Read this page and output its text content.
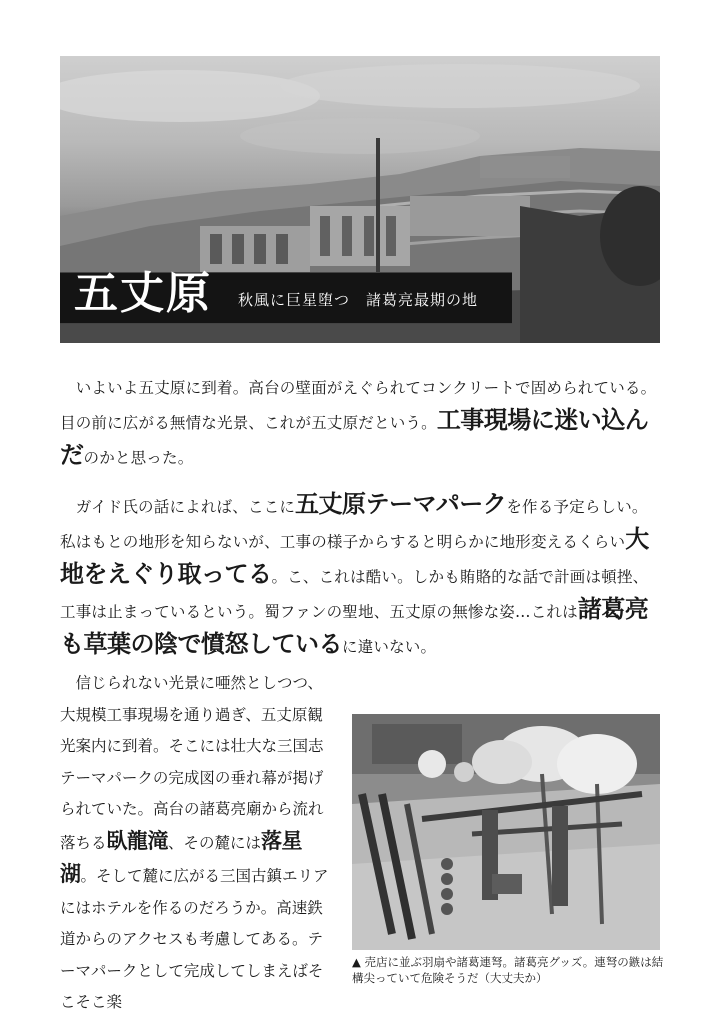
五丈原 秋風に巨星堕つ　諸葛亮最期の地

　いよいよ五丈原に到着。高台の壁面がえぐられてコンクリートで固められている。目の前に広がる無情な光景、これが五丈原だという。工事現場に迷い込んだのかと思った。

　ガイド氏の話によれば、ここに五丈原テーマパークを作る予定らしい。私はもとの地形を知らないが、工事の様子からすると明らかに地形変えるくらい大地をえぐり取ってる。こ、これは酷い。しかも賄賂的な話で計画は頓挫、工事は止まっているという。蜀ファンの聖地、五丈原の無惨な姿…これは諸葛亮も草葉の陰で憤怒しているに違いない。

　信じられない光景に唖然としつつ、大規模工事現場を通り過ぎ、五丈原観光案内に到着。そこには壮大な三国志テーマパークの完成図の垂れ幕が掲げられていた。高台の諸葛亮廟から流れ落ちる臥龍滝、その麓には落星湖。そして麓に広がる三国古鎮エリアにはホテルを作るのだろうか。高速鉄道からのアクセスも考慮してある。テーマパークとして完成してしまえばそこそこ楽

▲ 売店に並ぶ羽扇や諸葛連弩。諸葛亮グッズ。連弩の鏃は結構尖っていて危険そうだ（大丈夫か）
